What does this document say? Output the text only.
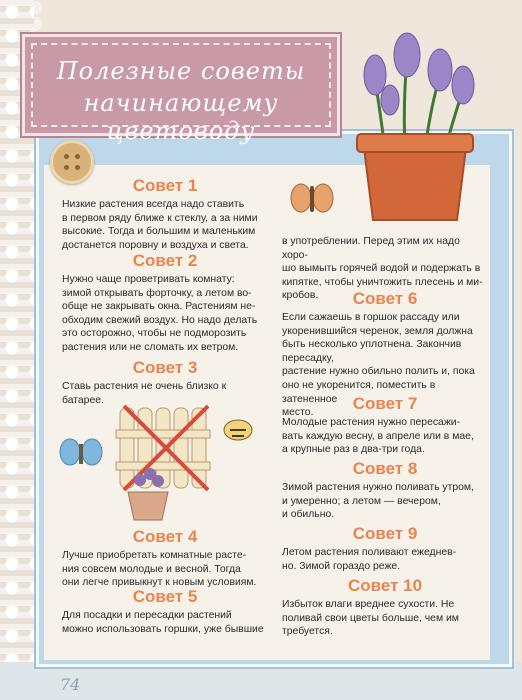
Полезные советы
начинающему цветоводу
Совет 1
Низкие растения всегда надо ставить
в первом ряду ближе к стеклу, а за ними
высокие. Тогда и большим и маленьким
достанется поровну и воздуха и света.
Совет 2
Нужно чаще проветривать комнату:
зимой открывать форточку, а летом во-
обще не закрывать окна. Растениям не-
обходим свежий воздух. Но надо делать
это осторожно, чтобы не подморозить
растения или не сломать их ветром.
Совет 3
Ставь растения не очень близко к
батарее.
Совет 4
Лучше приобретать комнатные расте-
ния совсем молодые и весной. Тогда
они легче привыкнут к новым условиям.
Совет 5
Для посадки и пересадки растений
можно использовать горшки, уже бывшие
в употреблении. Перед этим их надо хоро-
шо вымыть горячей водой и подержать в
кипятке, чтобы уничтожить плесень и ми-
кробов.	Совет 6
Если сажаешь в горшок рассаду или
укоренившийся черенок, земля должна
быть несколько уплотнена. Закончив пересадку,
растение нужно обильно полить и, пока
оно не укоренится, поместить в затененное
место.	Совет 7
Молодые растения нужно пересажи-
вать каждую весну, в апреле или в мае,
а крупные раз в два-три года.
Совет 8
Зимой растения нужно поливать утром,
и умеренно; а летом — вечером,
и обильно.
Совет 9
Летом растения поливают ежеднев-
но. Зимой гораздо реже.
Совет 10
Избыток влаги вреднее сухости. Не
поливай свои цветы больше, чем им
требуется.
74
